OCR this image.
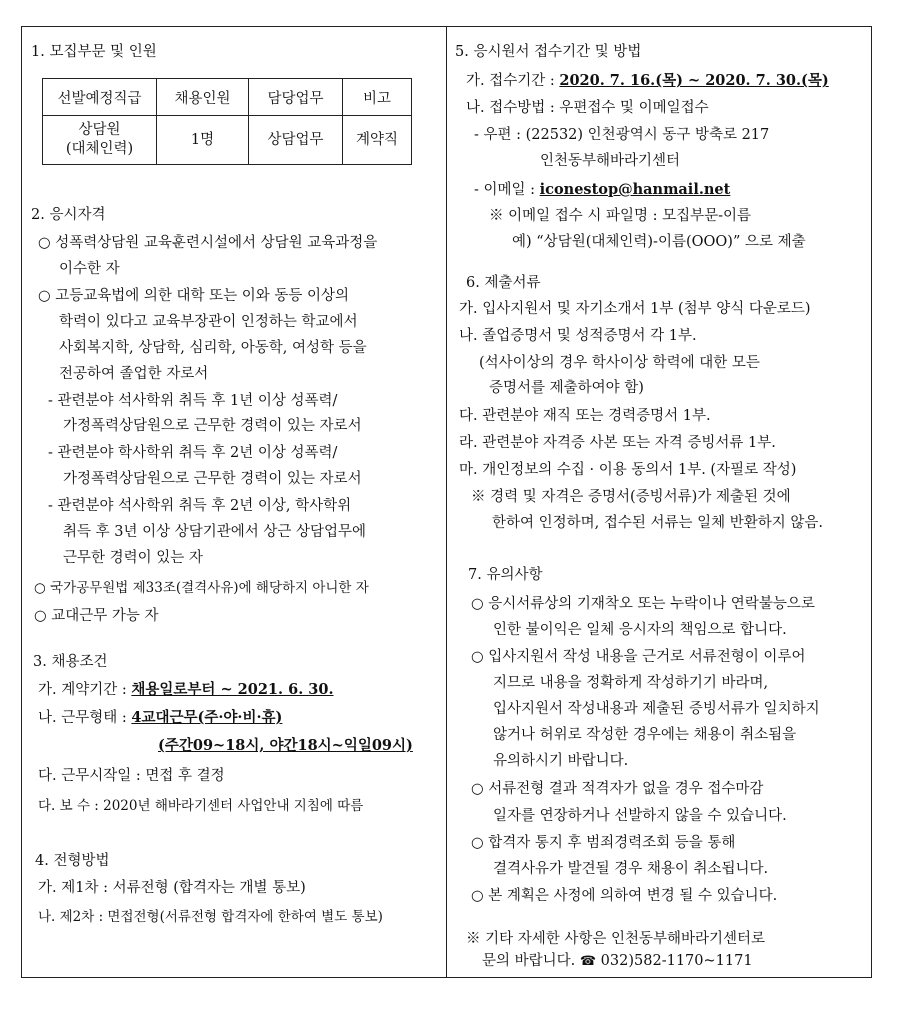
1. 모집부문 및 인원
선발예정직급	채용인원	담당업무	비고
상담원
(대체인력)	1명	상담업무	계약직
2. 응시자격
○ 성폭력상담원 교육훈련시설에서 상담원 교육과정을
이수한 자
○ 고등교육법에 의한 대학 또는 이와 동등 이상의
학력이 있다고 교육부장관이 인정하는 학교에서
사회복지학, 상담학, 심리학, 아동학, 여성학 등을
전공하여 졸업한 자로서
- 관련분야 석사학위 취득 후 1년 이상 성폭력/
가정폭력상담원으로 근무한 경력이 있는 자로서
- 관련분야 학사학위 취득 후 2년 이상 성폭력/
가정폭력상담원으로 근무한 경력이 있는 자로서
- 관련분야 석사학위 취득 후 2년 이상, 학사학위
취득 후 3년 이상 상담기관에서 상근 상담업무에
근무한 경력이 있는 자
○ 국가공무원법 제33조(결격사유)에 해당하지 아니한 자
○ 교대근무 가능 자
3. 채용조건
가. 계약기간 : 채용일로부터 ~ 2021. 6. 30.
나. 근무형태 : 4교대근무(주·야·비·휴)
(주간09~18시, 야간18시~익일09시)
다. 근무시작일 : 면접 후 결정
다. 보 수 : 2020년 해바라기센터 사업안내 지침에 따름
4. 전형방법
가. 제1차 : 서류전형 (합격자는 개별 통보)
나. 제2차 : 면접전형(서류전형 합격자에 한하여 별도 통보)
5. 응시원서 접수기간 및 방법
가. 접수기간 : 2020. 7. 16.(목) ~ 2020. 7. 30.(목)
나. 접수방법 : 우편접수 및 이메일접수
- 우편 : (22532) 인천광역시 동구 방축로 217
인천동부해바라기센터
- 이메일 : iconestop@hanmail.net
※ 이메일 접수 시 파일명 : 모집부문-이름
예) “상담원(대체인력)-이름(OOO)” 으로 제출
6. 제출서류
가. 입사지원서 및 자기소개서 1부 (첨부 양식 다운로드)
나. 졸업증명서 및 성적증명서 각 1부.
(석사이상의 경우 학사이상 학력에 대한 모든
증명서를 제출하여야 함)
다. 관련분야 재직 또는 경력증명서 1부.
라. 관련분야 자격증 사본 또는 자격 증빙서류 1부.
마. 개인정보의 수집 · 이용 동의서 1부. (자필로 작성)
※ 경력 및 자격은 증명서(증빙서류)가 제출된 것에
한하여 인정하며, 접수된 서류는 일체 반환하지 않음.
7. 유의사항
○ 응시서류상의 기재착오 또는 누락이나 연락불능으로
인한 불이익은 일체 응시자의 책임으로 합니다.
○ 입사지원서 작성 내용을 근거로 서류전형이 이루어
지므로 내용을 정확하게 작성하기기 바라며,
입사지원서 작성내용과 제출된 증빙서류가 일치하지
않거나 허위로 작성한 경우에는 채용이 취소됨을
유의하시기 바랍니다.
○ 서류전형 결과 적격자가 없을 경우 접수마감
일자를 연장하거나 선발하지 않을 수 있습니다.
○ 합격자 통지 후 범죄경력조회 등을 통해
결격사유가 발견될 경우 채용이 취소됩니다.
○ 본 계획은 사정에 의하여 변경 될 수 있습니다.
※ 기타 자세한 사항은 인천동부해바라기센터로
문의 바랍니다. ☎ 032)582-1170~1171
